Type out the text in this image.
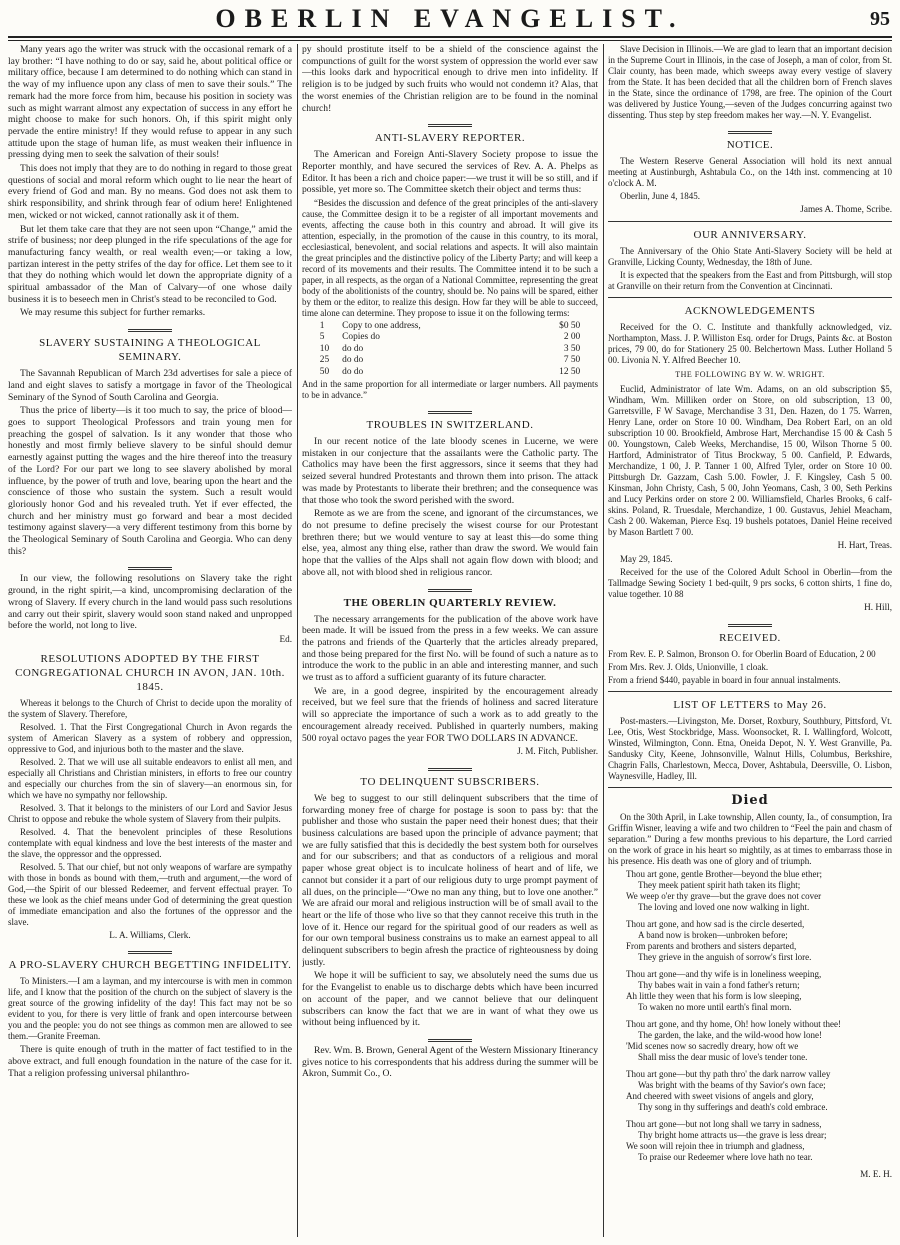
OBERLIN EVANGELIST.	95

Many years ago the writer was struck with the occasional remark of a lay brother: “I have nothing to do or say, said he, about political office or military office, because I am determined to do nothing which can stand in the way of my influence upon any class of men to save their souls.” The remark had the more force from him, because his position in society was such as might warrant almost any expectation of success in any effort he might choose to make for such honors. Oh, if this spirit might only pervade the entire ministry! If they would refuse to appear in any such attitude upon the stage of human life, as must weaken their influence in pressing dying men to seek the salvation of their souls!

This does not imply that they are to do nothing in regard to those great questions of social and moral reform which ought to lie near the heart of every friend of God and man. By no means. God does not ask them to shirk responsibility, and shrink through fear of odium here! Enlightened men, wicked or not wicked, cannot rationally ask it of them.

But let them take care that they are not seen upon “Change,” amid the strife of business; nor deep plunged in the rife speculations of the age for manufacturing fancy wealth, or real wealth even;—or taking a low, partizan interest in the petty strifes of the day for office. Let them see to it that they do nothing which would let down the appropriate dignity of a spiritual ambassador of the Man of Calvary—of one whose daily business it is to beseech men in Christ's stead to be reconciled to God.

We may resume this subject for further remarks.

SLAVERY SUSTAINING A THEOLOGICAL SEMINARY.

The Savannah Republican of March 23d advertises for sale a piece of land and eight slaves to satisfy a mortgage in favor of the Theological Seminary of the Synod of South Carolina and Georgia.

Thus the price of liberty—is it too much to say, the price of blood—goes to support Theological Professors and train young men for preaching the gospel of salvation. Is it any wonder that those who honestly and most firmly believe slavery to be sinful should demur earnestly against putting the wages and the hire thereof into the treasury of the Lord? For our part we long to see slavery abolished by moral influence, by the power of truth and love, bearing upon the heart and the conscience of those who sustain the system. Such a result would gloriously honor God and his revealed truth. Yet if ever effected, the church and her ministry must go forward and bear a most decided testimony against slavery—a very different testimony from this borne by the Theological Seminary of South Carolina and Georgia. Who can deny this?

In our view, the following resolutions on Slavery take the right ground, in the right spirit,—a kind, uncompromising declaration of the wrong of Slavery. If every church in the land would pass such resolutions and carry out their spirit, slavery would soon stand naked and unpropped before the world, not long to live.

Ed.
RESOLUTIONS ADOPTED BY THE FIRST CONGREGATIONAL CHURCH IN AVON, JAN. 10th. 1845.

Whereas it belongs to the Church of Christ to decide upon the morality of the system of Slavery. Therefore,

Resolved. 1. That the First Congregational Church in Avon regards the system of American Slavery as a system of robbery and oppression, oppressive to God, and injurious both to the master and the slave.

Resolved. 2. That we will use all suitable endeavors to enlist all men, and especially all Christians and Christian ministers, in efforts to free our country and especially our churches from the sin of slavery—an enormous sin, for which we have no sympathy nor fellowship.

Resolved. 3. That it belongs to the ministers of our Lord and Savior Jesus Christ to oppose and rebuke the whole system of Slavery from their pulpits.

Resolved. 4. That the benevolent principles of these Resolutions contemplate with equal kindness and love the best interests of the master and the slave, the oppressor and the oppressed.

Resolved. 5. That our chief, but not only weapons of warfare are sympathy with those in bonds as bound with them,—truth and argument,—the word of God,—the Spirit of our blessed Redeemer, and fervent effectual prayer. To these we look as the chief means under God of determining the great question of immediate emancipation and also the fortunes of the oppressor and the slave.

L. A. Williams, Clerk.
A PRO-SLAVERY CHURCH BEGETTING INFIDELITY.

To Ministers.—I am a layman, and my intercourse is with men in common life, and I know that the position of the church on the subject of slavery is the great source of the growing infidelity of the day! This fact may not be so evident to you, for there is very little of frank and open intercourse between you and the people: you do not see things as common men are allowed to see them.—Granite Freeman.

There is quite enough of truth in the matter of fact testified to in the above extract, and full enough foundation in the nature of the case for it. That a religion professing universal philanthro-

py should prostitute itself to be a shield of the conscience against the compunctions of guilt for the worst system of oppression the world ever saw—this looks dark and hypocritical enough to drive men into infidelity. If religion is to be judged by such fruits who would not condemn it? Alas, that the worst enemies of the Christian religion are to be found in the nominal church!

ANTI-SLAVERY REPORTER.

The American and Foreign Anti-Slavery Society propose to issue the Reporter monthly, and have secured the services of Rev. A. A. Phelps as Editor. It has been a rich and choice paper:—we trust it will be so still, and if possible, yet more so. The Committee sketch their object and terms thus:

“Besides the discussion and defence of the great principles of the anti-slavery cause, the Committee design it to be a register of all important movements and events, affecting the cause both in this country and abroad. It will give its attention, especially, in the promotion of the cause in this country, to its moral, ecclesiastical, benevolent, and social relations and aspects. It will also maintain the great principles and the distinctive policy of the Liberty Party; and will keep a record of its movements and their results. The Committee intend it to be such a paper, in all respects, as the organ of a National Committee, representing the great body of the abolitionists of the country, should be. No pains will be spared, either by them or the editor, to realize this design. How far they will be able to succeed, time alone can determine. They propose to issue it on the following terms:

1	Copy to one address,	$0 50
5	Copies do	2 00
10	do do	3 50
25	do do	7 50
50	do do	12 50

And in the same proportion for all intermediate or larger numbers. All payments to be in advance.”

TROUBLES IN SWITZERLAND.

In our recent notice of the late bloody scenes in Lucerne, we were mistaken in our conjecture that the assailants were the Catholic party. The Catholics may have been the first aggressors, since it seems that they had seized several hundred Protestants and thrown them into prison. The attack was made by Protestants to liberate their brethren; and the consequence was that those who took the sword perished with the sword.

Remote as we are from the scene, and ignorant of the circumstances, we do not presume to define precisely the wisest course for our Protestant brethren there; but we would venture to say at least this—do some thing else, yea, almost any thing else, rather than draw the sword. We would fain hope that the vallies of the Alps shall not again flow down with blood; and above all, not with blood shed in religious rancor.

THE OBERLIN QUARTERLY REVIEW.

The necessary arrangements for the publication of the above work have been made. It will be issued from the press in a few weeks. We can assure the patrons and friends of the Quarterly that the articles already prepared, and those being prepared for the first No. will be found of such a nature as to introduce the work to the public in an able and interesting manner, and such we trust as to afford a sufficient guaranty of its future character.

We are, in a good degree, inspirited by the encouragement already received, but we feel sure that the friends of holiness and sacred literature will so appreciate the importance of such a work as to add greatly to the encouragement already received. Published in quarterly numbers, making 500 royal octavo pages the year FOR TWO DOLLARS IN ADVANCE.

J. M. Fitch, Publisher.
TO DELINQUENT SUBSCRIBERS.

We beg to suggest to our still delinquent subscribers that the time of forwarding money free of charge for postage is soon to pass by: that the publisher and those who sustain the paper need their honest dues; that their business calculations are based upon the principle of advance payment; that we are fully satisfied that this is decidedly the best system both for ourselves and for our subscribers; and that as conductors of a religious and moral paper whose great object is to inculcate holiness of heart and of life, we cannot but consider it a part of our religious duty to urge prompt payment of all dues, on the principle—“Owe no man any thing, but to love one another.” We are afraid our moral and religious instruction will be of small avail to the heart or the life of those who live so that they cannot receive this truth in the love of it. Hence our regard for the spiritual good of our readers as well as for our own temporal business constrains us to make an earnest appeal to all delinquent subscribers to begin afresh the practice of righteousness by doing justly.

We hope it will be sufficient to say, we absolutely need the sums due us for the Evangelist to enable us to discharge debts which have been incurred on account of the paper, and we cannot believe that our delinquent subscribers can know the fact that we are in want of what they owe us without being influenced by it.

Rev. Wm. B. Brown, General Agent of the Western Missionary Itinerancy gives notice to his correspondents that his address during the summer will be Akron, Summit Co., O.

Slave Decision in Illinois.—We are glad to learn that an important decision in the Supreme Court in Illinois, in the case of Joseph, a man of color, from St. Clair county, has been made, which sweeps away every vestige of slavery from the State. It has been decided that all the children born of French slaves in the State, since the ordinance of 1798, are free. The opinion of the Court was delivered by Justice Young,—seven of the Judges concurring against two dissenting. Thus step by step freedom makes her way.—N. Y. Evangelist.

NOTICE.

The Western Reserve General Association will hold its next annual meeting at Austinburgh, Ashtabula Co., on the 14th inst. commencing at 10 o'clock A. M.

Oberlin, June 4, 1845.

James A. Thome, Scribe.
OUR ANNIVERSARY.

The Anniversary of the Ohio State Anti-Slavery Society will be held at Granville, Licking County, Wednesday, the 18th of June.

It is expected that the speakers from the East and from Pittsburgh, will stop at Granville on their return from the Convention at Cincinnati.

ACKNOWLEDGEMENTS

Received for the O. C. Institute and thankfully acknowledged, viz. Northampton, Mass. J. P. Williston Esq. order for Drugs, Paints &c. at Boston prices, 79 00, do for Stationery 25 00. Belchertown Mass. Luther Holland 5 00. Livonia N. Y. Alfred Beecher 10.

THE FOLLOWING BY W. W. WRIGHT.

Euclid, Administrator of late Wm. Adams, on an old subscription $5, Windham, Wm. Milliken order on Store, on old subscription, 13 00, Garretsville, F W Savage, Merchandise 3 31, Den. Hazen, do 1 75. Warren, Henry Lane, order on Store 10 00. Windham, Dea Robert Earl, on an old subscription 10 00. Brookfield, Ambrose Hart, Merchandise 15 00 & Cash 5 00. Youngstown, Caleb Weeks, Merchandise, 15 00, Wilson Thorne 5 00. Hartford, Administrator of Titus Brockway, 5 00. Canfield, P. Edwards, Merchandize, 1 00, J. P. Tanner 1 00, Alfred Tyler, order on Store 10 00. Pittsburgh Dr. Gazzam, Cash 5.00. Fowler, J. F. Kingsley, Cash 5 00. Kinsman, John Christy, Cash, 5 00, John Yeomans, Cash, 3 00, Seth Perkins and Lucy Perkins order on store 2 00. Williamsfield, Charles Brooks, 6 calf-skins. Poland, R. Truesdale, Merchandize, 1 00. Gustavus, Jehiel Meacham, Cash 2 00. Wakeman, Pierce Esq. 19 bushels potatoes, Daniel Heine received by Mason Bartlett 7 00.

H. Hart, Treas.

May 29, 1845.

Received for the use of the Colored Adult School in Oberlin—from the Tallmadge Sewing Society 1 bed-quilt, 9 prs socks, 6 cotton shirts, 1 fine do, value together. 10 88

H. Hill,
RECEIVED.

From Rev. E. P. Salmon, Bronson O. for Oberlin Board of Education, 2 00

From Mrs. Rev. J. Olds, Unionville, 1 cloak.

From a friend $440, payable in board in four annual instalments.

LIST OF LETTERS to May 26.

Post-masters.—Livingston, Me. Dorset, Roxbury, Southbury, Pittsford, Vt. Lee, Otis, West Stockbridge, Mass. Woonsocket, R. I. Wallingford, Wolcott, Winsted, Wilmington, Conn. Etna, Oneida Depot, N. Y. West Granville, Pa. Sandusky City, Keene, Johnsonville, Walnut Hills, Columbus, Berkshire, Chagrin Falls, Charlestown, Mecca, Dover, Ashtabula, Deersville, O. Lisbon, Waynesville, Hadley, Ill.

Died

On the 30th April, in Lake township, Allen county, Ia., of consumption, Ira Griffin Wisner, leaving a wife and two children to “Feel the pain and chasm of separation.” During a few months previous to his departure, the Lord carried on the work of grace in his heart so mightily, as at times to embarrass those in his presence. His death was one of glory and of triumph.

Thou art gone, gentle Brother—beyond the blue ether;
They meek patient spirit hath taken its flight;
We weep o'er thy grave—but the grave does not cover
The loving and loved one now walking in light.
Thou art gone, and how sad is the circle deserted,
A band now is broken—unbroken before;
From parents and brothers and sisters departed,
They grieve in the anguish of sorrow's first lore.
Thou art gone—and thy wife is in loneliness weeping,
Thy babes wait in vain a fond father's return;
Ah little they ween that his form is low sleeping,
To waken no more until earth's final morn.
Thou art gone, and thy home, Oh! how lonely without thee!
The garden, the lake, and the wild-wood how lone!
'Mid scenes now so sacredly dreary, how oft we
Shall miss the dear music of love's tender tone.
Thou art gone—but thy path thro' the dark narrow valley
Was bright with the beams of thy Savior's own face;
And cheered with sweet visions of angels and glory,
Thy song in thy sufferings and death's cold embrace.
Thou art gone—but not long shall we tarry in sadness,
Thy bright home attracts us—the grave is less drear;
We soon will rejoin thee in triumph and gladness,
To praise our Redeemer where love hath no tear.
M. E. H.
